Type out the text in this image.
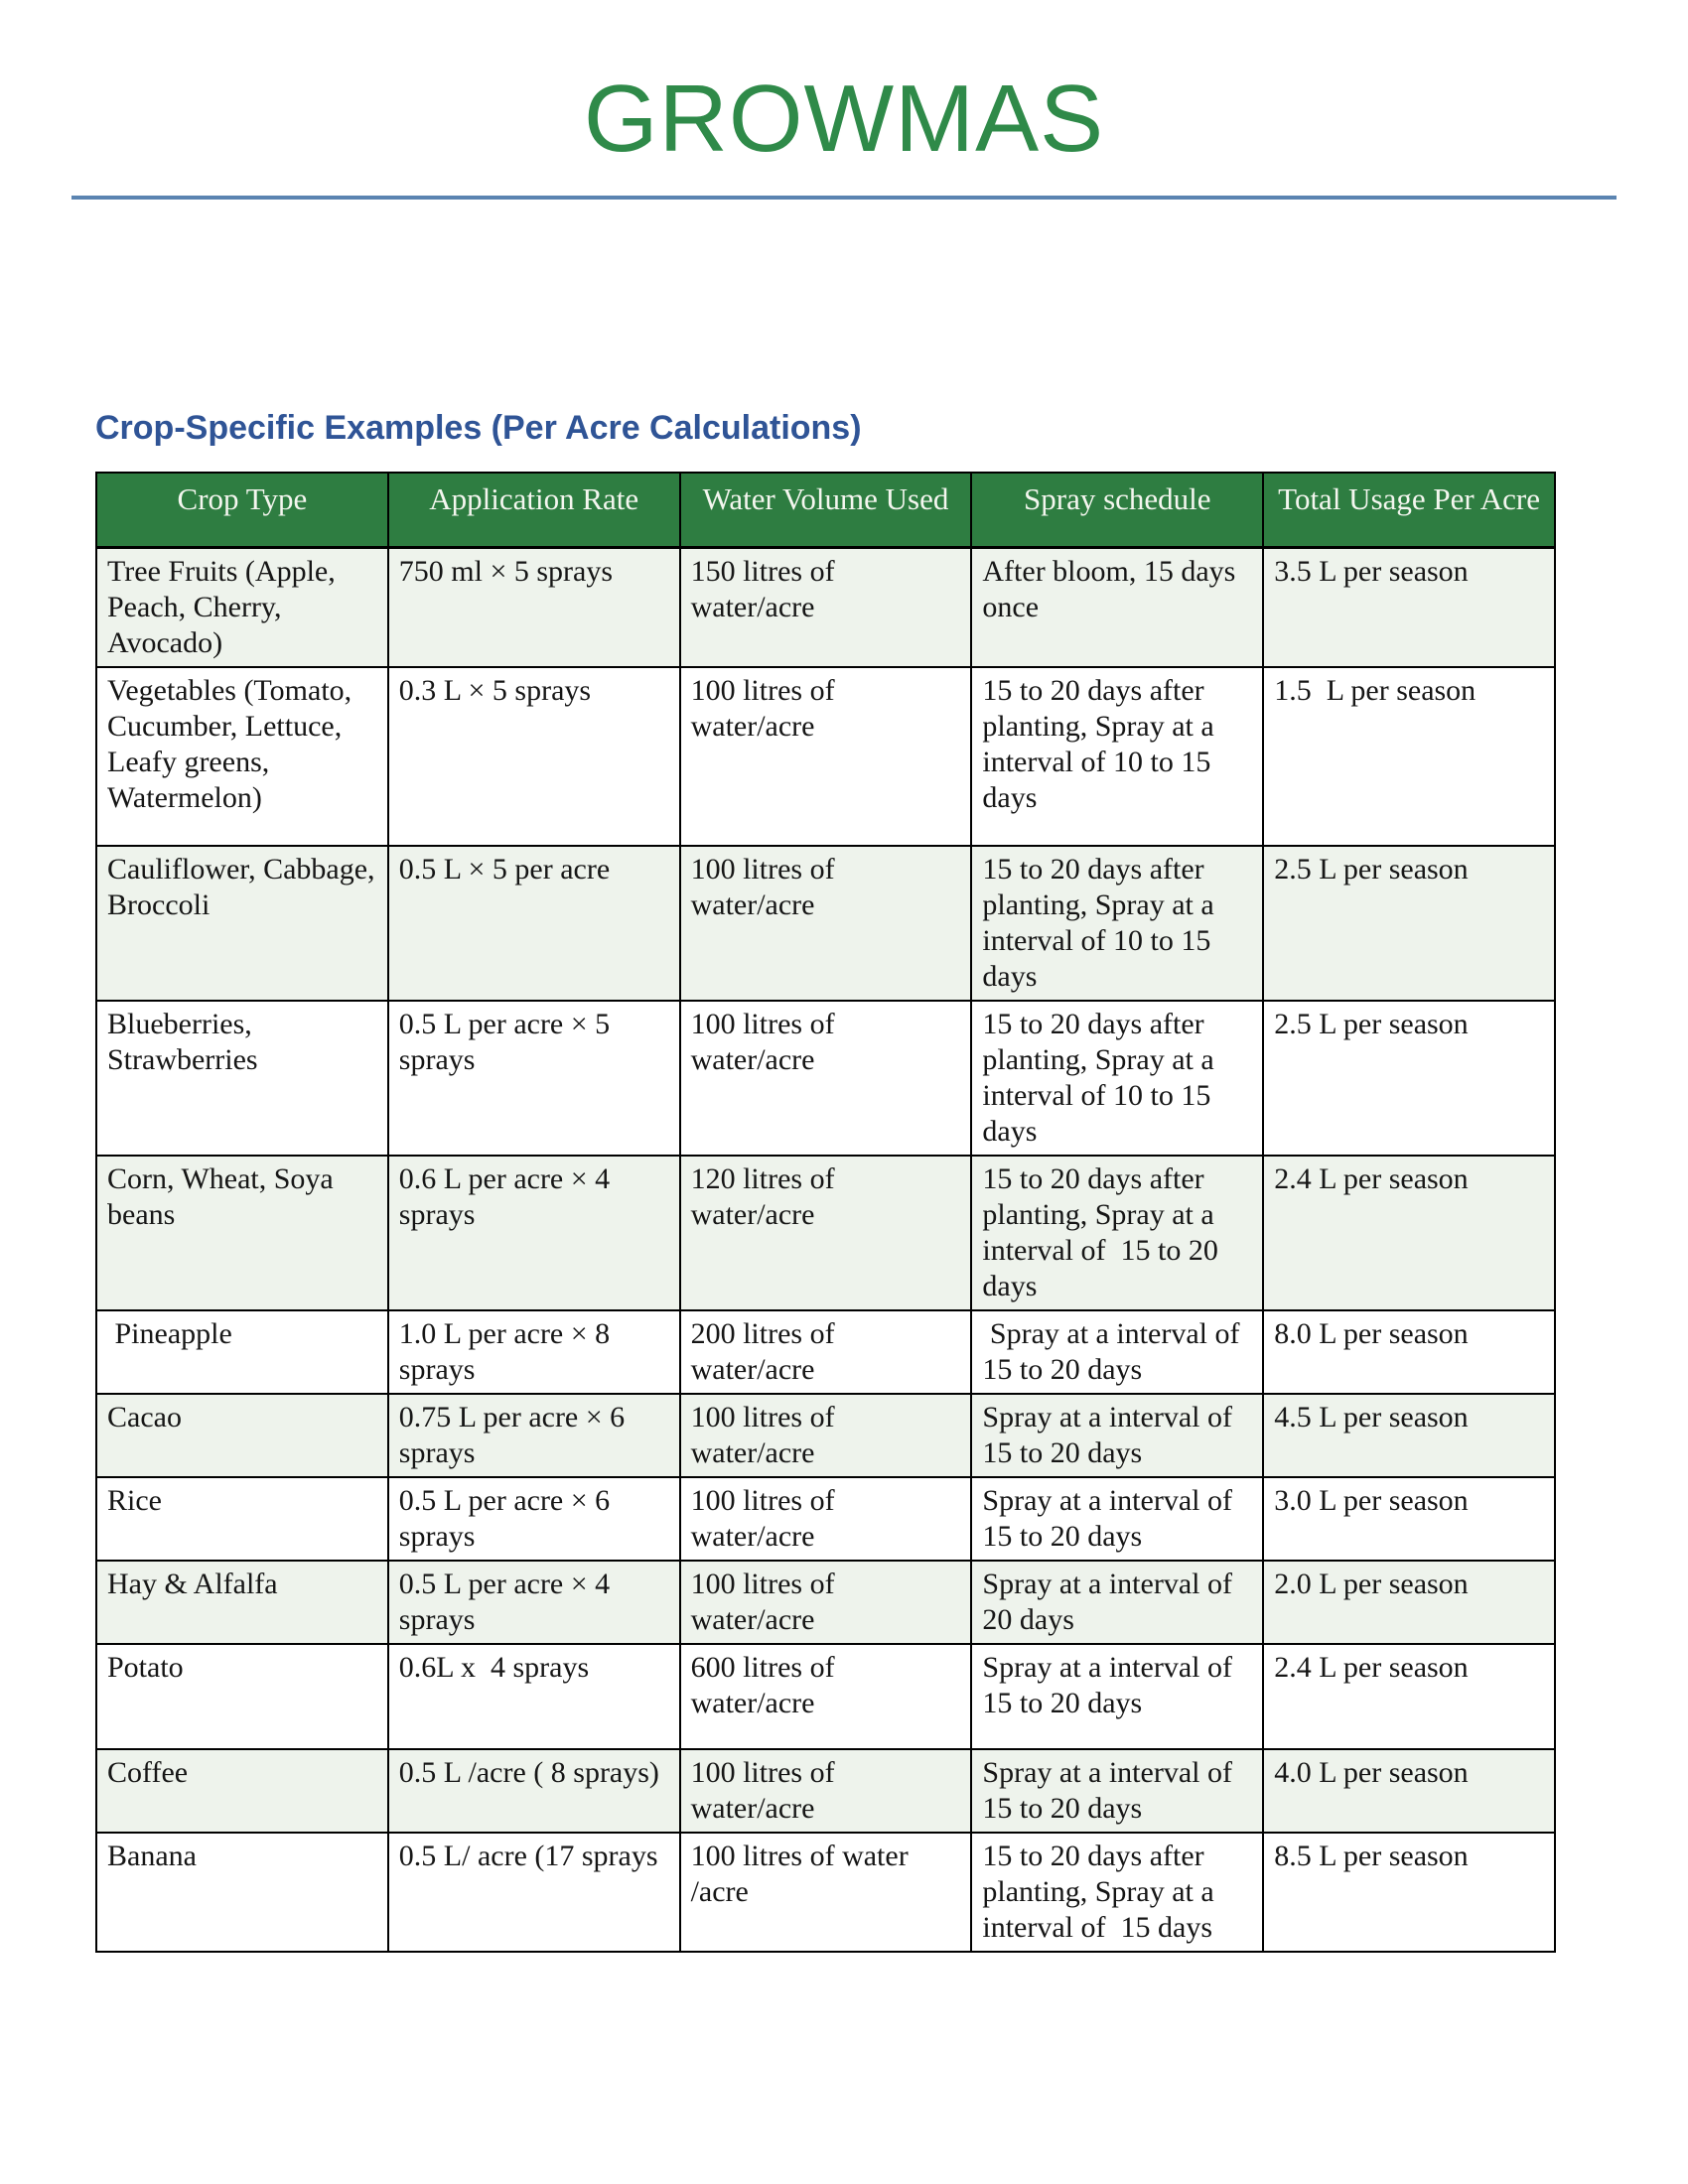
GROWMAS
Crop-Specific Examples (Per Acre Calculations)
Crop Type	Application Rate	Water Volume Used	Spray schedule	Total Usage Per Acre
Tree Fruits (Apple, Peach, Cherry, Avocado)	750 ml × 5 sprays	150 litres of water/acre	After bloom, 15 days once	3.5 L per season
Vegetables (Tomato, Cucumber, Lettuce, Leafy greens, Watermelon)	0.3 L × 5 sprays	100 litres of water/acre	15 to 20 days after planting, Spray at a interval of 10 to 15 days	1.5  L per season
Cauliflower, Cabbage, Broccoli	0.5 L × 5 per acre	100 litres of water/acre	15 to 20 days after planting, Spray at a interval of 10 to 15 days	2.5 L per season
Blueberries, Strawberries	0.5 L per acre × 5 sprays	100 litres of water/acre	15 to 20 days after planting, Spray at a interval of 10 to 15 days	2.5 L per season
Corn, Wheat, Soya beans	0.6 L per acre × 4 sprays	120 litres of water/acre	15 to 20 days after planting, Spray at a interval of  15 to 20 days	2.4 L per season
Pineapple	1.0 L per acre × 8 sprays	200 litres of water/acre	Spray at a interval of  15 to 20 days	8.0 L per season
Cacao	0.75 L per acre × 6 sprays	100 litres of water/acre	Spray at a interval of  15 to 20 days	4.5 L per season
Rice	0.5 L per acre × 6 sprays	100 litres of water/acre	Spray at a interval of  15 to 20 days	3.0 L per season
Hay & Alfalfa	0.5 L per acre × 4 sprays	100 litres of water/acre	Spray at a interval of  20 days	2.0 L per season
Potato	0.6L x  4 sprays	600 litres of water/acre	Spray at a interval of  15 to 20 days	2.4 L per season
Coffee	0.5 L /acre ( 8 sprays)	100 litres of water/acre	Spray at a interval of  15 to 20 days	4.0 L per season
Banana	0.5 L/ acre (17 sprays	100 litres of water /acre	15 to 20 days after planting, Spray at a interval of  15 days	8.5 L per season
